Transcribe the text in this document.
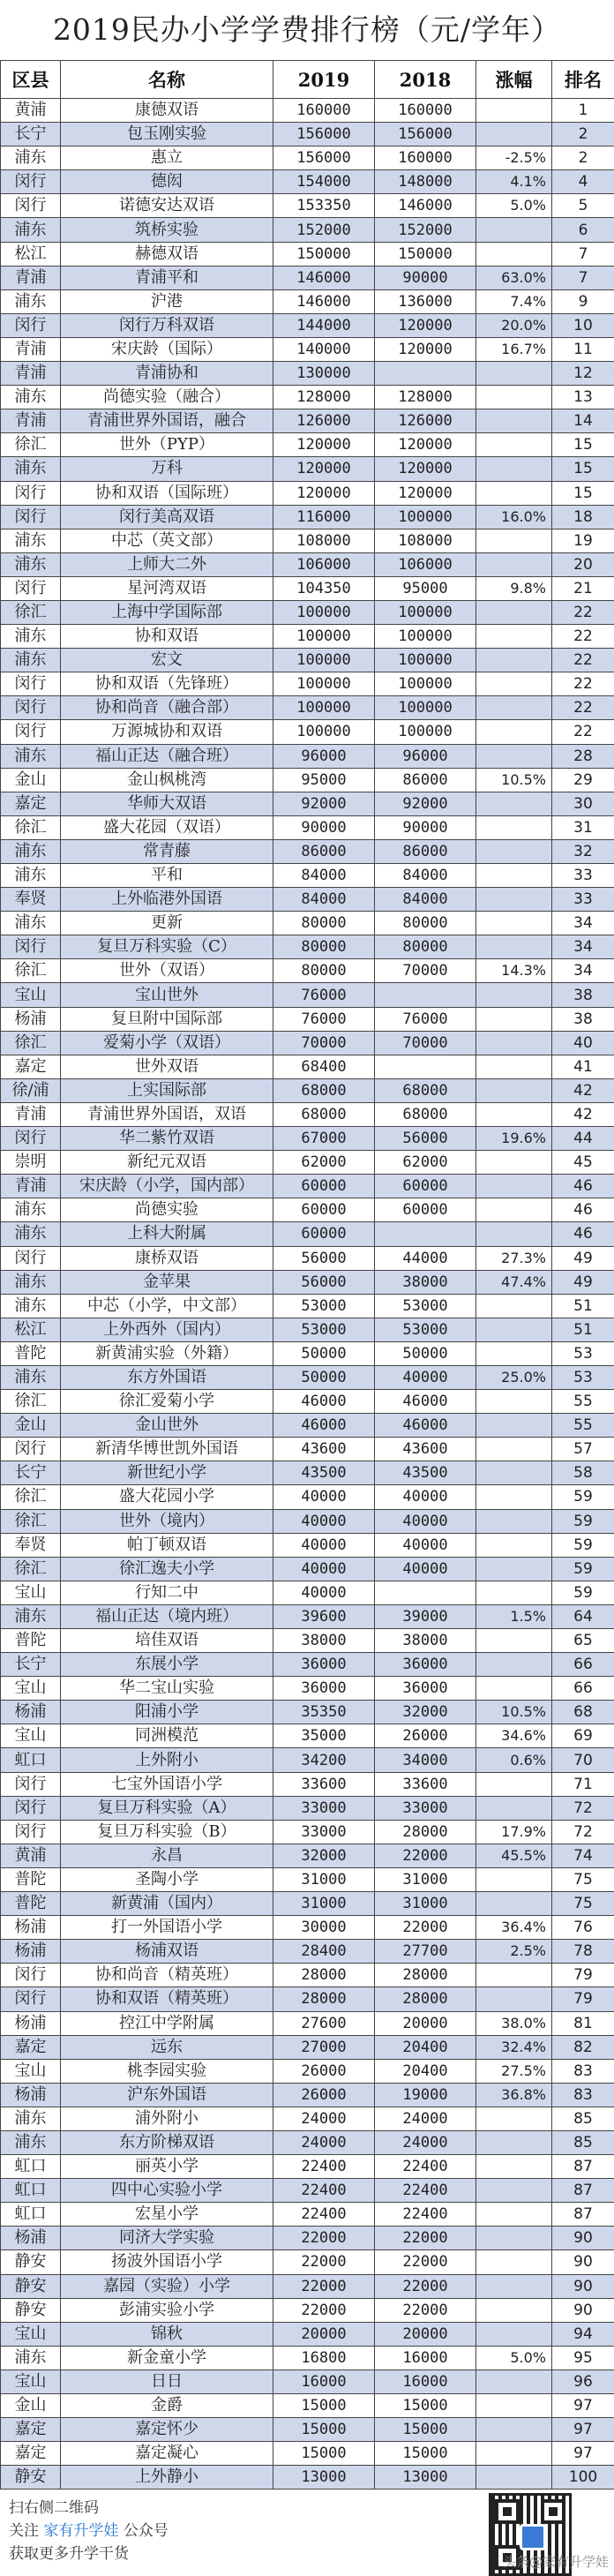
2019民办小学学费排行榜（元/学年）
区县	名称	2019	2018	涨幅	排名
黄浦	康德双语	160000	160000		1
长宁	包玉刚实验	156000	156000		2
浦东	惠立	156000	160000	-2.5%	2
闵行	德闳	154000	148000	4.1%	4
闵行	诺德安达双语	153350	146000	5.0%	5
浦东	筑桥实验	152000	152000		6
松江	赫德双语	150000	150000		7
青浦	青浦平和	146000	90000	63.0%	7
浦东	沪港	146000	136000	7.4%	9
闵行	闵行万科双语	144000	120000	20.0%	10
青浦	宋庆龄（国际）	140000	120000	16.7%	11
青浦	青浦协和	130000			12
浦东	尚德实验（融合）	128000	128000		13
青浦	青浦世界外国语，融合	126000	126000		14
徐汇	世外（PYP）	120000	120000		15
浦东	万科	120000	120000		15
闵行	协和双语（国际班）	120000	120000		15
闵行	闵行美高双语	116000	100000	16.0%	18
浦东	中芯（英文部）	108000	108000		19
浦东	上师大二外	106000	106000		20
闵行	星河湾双语	104350	95000	9.8%	21
徐汇	上海中学国际部	100000	100000		22
浦东	协和双语	100000	100000		22
浦东	宏文	100000	100000		22
闵行	协和双语（先锋班）	100000	100000		22
闵行	协和尚音（融合部）	100000	100000		22
闵行	万源城协和双语	100000	100000		22
浦东	福山正达（融合班）	96000	96000		28
金山	金山枫桃湾	95000	86000	10.5%	29
嘉定	华师大双语	92000	92000		30
徐汇	盛大花园（双语）	90000	90000		31
浦东	常青藤	86000	86000		32
浦东	平和	84000	84000		33
奉贤	上外临港外国语	84000	84000		33
浦东	更新	80000	80000		34
闵行	复旦万科实验（C）	80000	80000		34
徐汇	世外（双语）	80000	70000	14.3%	34
宝山	宝山世外	76000			38
杨浦	复旦附中国际部	76000	76000		38
徐汇	爱菊小学（双语）	70000	70000		40
嘉定	世外双语	68400			41
徐/浦	上实国际部	68000	68000		42
青浦	青浦世界外国语，双语	68000	68000		42
闵行	华二紫竹双语	67000	56000	19.6%	44
崇明	新纪元双语	62000	62000		45
青浦	宋庆龄（小学，国内部）	60000	60000		46
浦东	尚德实验	60000	60000		46
浦东	上科大附属	60000			46
闵行	康桥双语	56000	44000	27.3%	49
浦东	金苹果	56000	38000	47.4%	49
浦东	中芯（小学，中文部）	53000	53000		51
松江	上外西外（国内）	53000	53000		51
普陀	新黄浦实验（外籍）	50000	50000		53
浦东	东方外国语	50000	40000	25.0%	53
徐汇	徐汇爱菊小学	46000	46000		55
金山	金山世外	46000	46000		55
闵行	新清华博世凯外国语	43600	43600		57
长宁	新世纪小学	43500	43500		58
徐汇	盛大花园小学	40000	40000		59
徐汇	世外（境内）	40000	40000		59
奉贤	帕丁顿双语	40000	40000		59
徐汇	徐汇逸夫小学	40000	40000		59
宝山	行知二中	40000			59
浦东	福山正达（境内班）	39600	39000	1.5%	64
普陀	培佳双语	38000	38000		65
长宁	东展小学	36000	36000		66
宝山	华二宝山实验	36000	36000		66
杨浦	阳浦小学	35350	32000	10.5%	68
宝山	同洲模范	35000	26000	34.6%	69
虹口	上外附小	34200	34000	0.6%	70
闵行	七宝外国语小学	33600	33600		71
闵行	复旦万科实验（A）	33000	33000		72
闵行	复旦万科实验（B）	33000	28000	17.9%	72
黄浦	永昌	32000	22000	45.5%	74
普陀	圣陶小学	31000	31000		75
普陀	新黄浦（国内）	31000	31000		75
杨浦	打一外国语小学	30000	22000	36.4%	76
杨浦	杨浦双语	28400	27700	2.5%	78
闵行	协和尚音（精英班）	28000	28000		79
闵行	协和双语（精英班）	28000	28000		79
杨浦	控江中学附属	27600	20000	38.0%	81
嘉定	远东	27000	20400	32.4%	82
宝山	桃李园实验	26000	20400	27.5%	83
杨浦	沪东外国语	26000	19000	36.8%	83
浦东	浦外附小	24000	24000		85
浦东	东方阶梯双语	24000	24000		85
虹口	丽英小学	22400	22400		87
虹口	四中心实验小学	22400	22400		87
虹口	宏星小学	22400	22400		87
杨浦	同济大学实验	22000	22000		90
静安	扬波外国语小学	22000	22000		90
静安	嘉园（实验）小学	22000	22000		90
静安	彭浦实验小学	22000	22000		90
宝山	锦秋	20000	20000		94
浦东	新金童小学	16800	16000	5.0%	95
宝山	日日	16000	16000		96
金山	金爵	15000	15000		97
嘉定	嘉定怀少	15000	15000		97
嘉定	嘉定凝心	15000	15000		97
静安	上外静小	13000	13000		100
扫右侧二维码
关注 家有升学娃 公众号
获取更多升学干货	头条@家有升学娃
